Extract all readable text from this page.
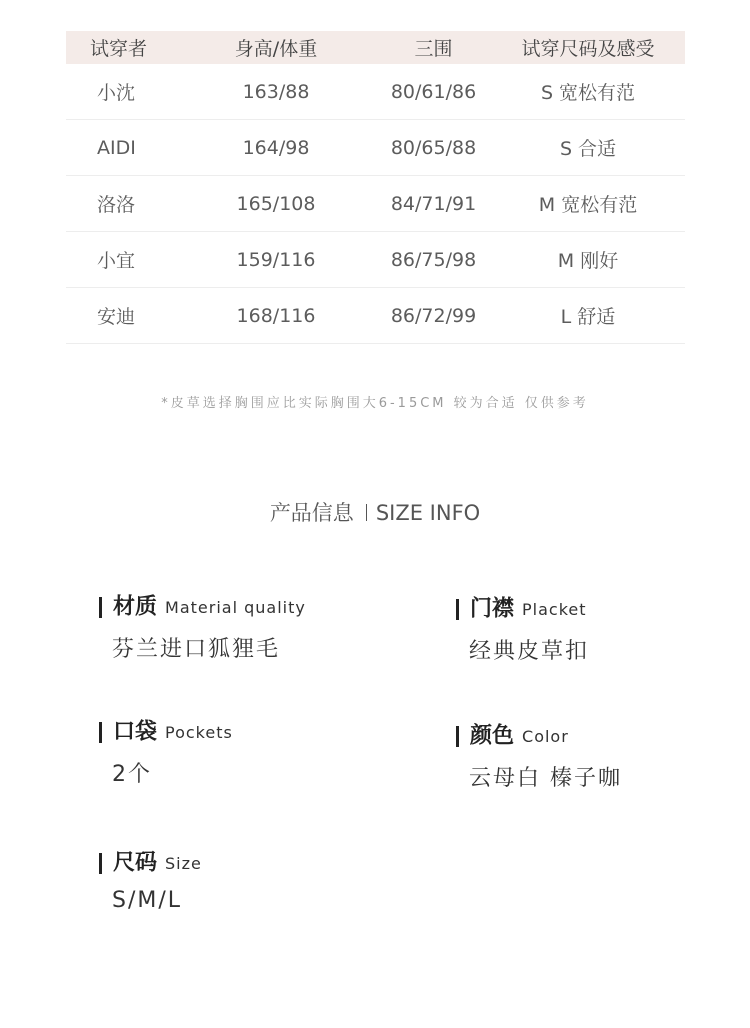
试穿者	身高/体重	三围	试穿尺码及感受
小沈	163/88	80/61/86	S 宽松有范
AIDI	164/98	80/65/88	S 合适
洛洛	165/108	84/71/91	M 宽松有范
小宜	159/116	86/75/98	M 刚好
安迪	168/116	86/72/99	L 舒适
*皮草选择胸围应比实际胸围大6-15CM 较为合适 仅供参考
产品信息 SIZE INFO
材质 Material quality
芬兰进口狐狸毛
门襟 Placket
经典皮草扣
口袋 Pockets
2个
颜色 Color
云母白 榛子咖
尺码 Size
S/M/L
